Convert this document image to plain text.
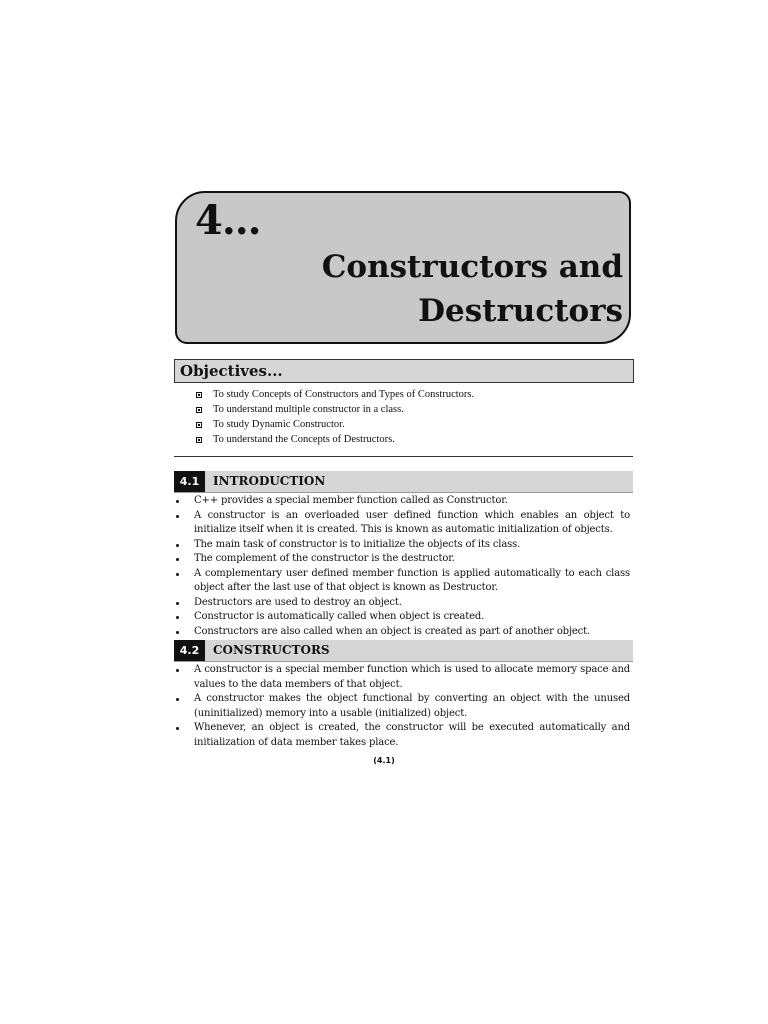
4...
Constructors and
Destructors
Objectives...
To study Concepts of Constructors and Types of Constructors.
To understand multiple constructor in a class.
To study Dynamic Constructor.
To understand the Concepts of Destructors.
4.1	INTRODUCTION
C++ provides a special member function called as Constructor.
A constructor is an overloaded user defined function which enables an object to initialize itself when it is created. This is known as automatic initialization of objects.
The main task of constructor is to initialize the objects of its class.
The complement of the constructor is the destructor.
A complementary user defined member function is applied automatically to each class object after the last use of that object is known as Destructor.
Destructors are used to destroy an object.
Constructor is automatically called when object is created.
Constructors are also called when an object is created as part of another object.
4.2	CONSTRUCTORS
A constructor is a special member function which is used to allocate memory space and values to the data members of that object.
A constructor makes the object functional by converting an object with the unused (uninitialized) memory into a usable (initialized) object.
Whenever, an object is created, the constructor will be executed automatically and initialization of data member takes place.
(4.1)
